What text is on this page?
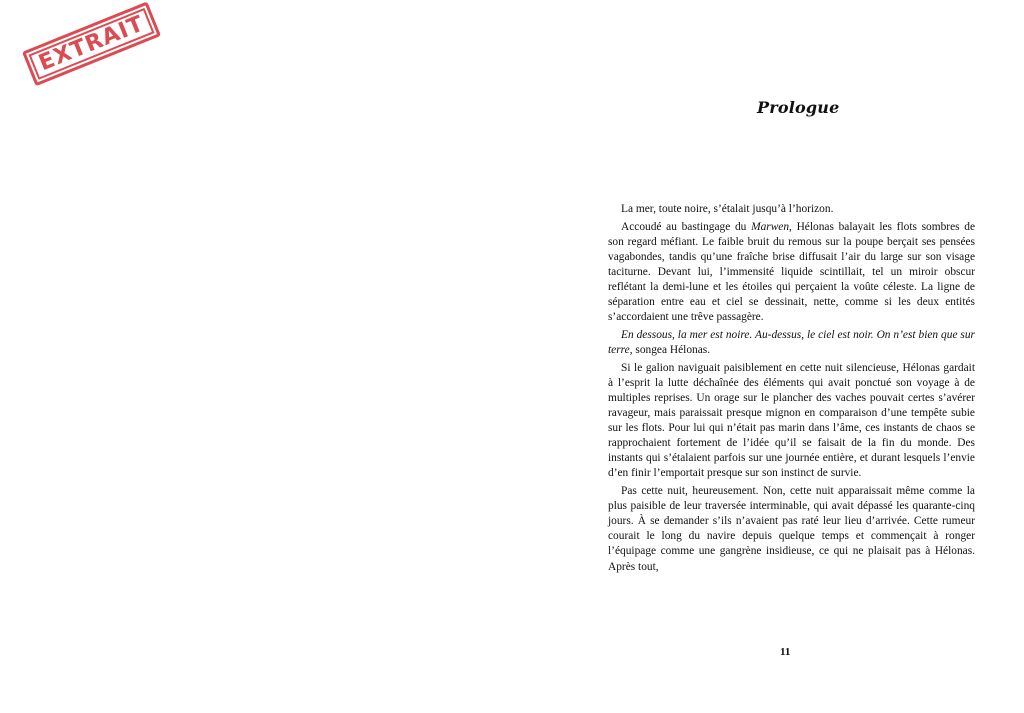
EXTRAIT
Prologue

La mer, toute noire, s’étalait jusqu’à l’horizon.

Accoudé au bastingage du Marwen, Hélonas balayait les flots sombres de son regard méfiant. Le faible bruit du remous sur la poupe berçait ses pensées vagabondes, tandis qu’une fraîche brise diffusait l’air du large sur son visage taciturne. Devant lui, l’immensité liquide scintillait, tel un miroir obscur reflétant la demi-lune et les étoiles qui perçaient la voûte céleste. La ligne de séparation entre eau et ciel se dessinait, nette, comme si les deux entités s’accordaient une trêve passagère.

En dessous, la mer est noire. Au-dessus, le ciel est noir. On n’est bien que sur terre, songea Hélonas.

Si le galion naviguait paisiblement en cette nuit silencieuse, Hélonas gardait à l’esprit la lutte déchaînée des éléments qui avait ponctué son voyage à de multiples reprises. Un orage sur le plancher des vaches pouvait certes s’avérer ravageur, mais paraissait presque mignon en comparaison d’une tempête subie sur les flots. Pour lui qui n’était pas marin dans l’âme, ces instants de chaos se rapprochaient fortement de l’idée qu’il se faisait de la fin du monde. Des instants qui s’étalaient parfois sur une journée entière, et durant lesquels l’envie d’en finir l’emportait presque sur son instinct de survie.

Pas cette nuit, heureusement. Non, cette nuit apparaissait même comme la plus paisible de leur traversée interminable, qui avait dépassé les quarante-cinq jours. À se demander s’ils n’avaient pas raté leur lieu d’arrivée. Cette rumeur courait le long du navire depuis quelque temps et commençait à ronger l’équipage comme une gangrène insidieuse, ce qui ne plaisait pas à Hélonas. Après tout,

11
